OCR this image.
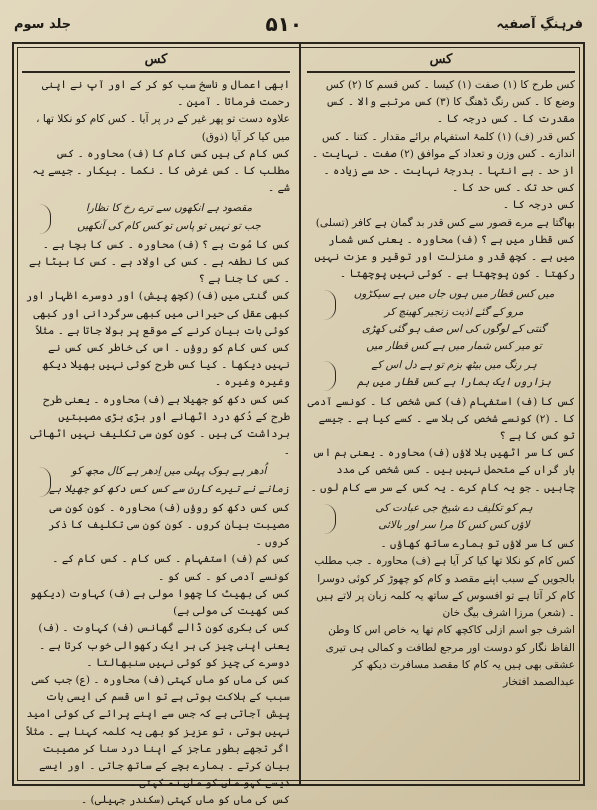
جلد سوم	۵۱۰	فرہنگِ آصفیہ
کس

کس طرح کا (۱) صفت (۱) کیسا ۔ کس قسم کا (۲) کس وضع کا ۔ کس رنگ ڈھنگ کا (۳) کس مرتبے والا ۔ کس مقدرت کا ۔ کس درجہ کا ۔

کس قدر (ف) (۱) کلمۂ استفہام برائے مقدار ۔ کتنا ۔ کس اندازے ۔ کس وزن و تعداد کے موافق (۲) صفت ۔ نہایت ۔ از حد ۔ بے انتہا ۔ بدرجۂ نہایت ۔ حد سے زیادہ ۔ کس حد تک ۔ کس حد کا ۔

کس درجہ کا ۔

بھاگتا ہے مرے قصور سے کس قدر بد گمان ہے کافر (تسلی)

کس قطار میں ہے ؟ (ف) محاورہ ۔ یعنی کس شمار میں ہے ۔ کچھ قدر و منزلت اور توقیر و عزت نہیں رکھتا ۔ کون پوچھتا ہے ۔ کوئی نہیں پوچھتا ۔

میں کس قطار میں ہوں جاں میں ہے سیکڑوں

مرو کے گئے اذیت زنجیر کھینچ کر

گنتی کے لوگوں کی اس صف ہو گئی کھڑی

تو میر کس شمار میں ہے کس قطار میں

ہر رنگ میں بیٹھ بزم تو ہے دل اس کے

ہزاروں ایک ہمارا ہے کس قطار میں ہم

کس کا (ف) استفہام (ف) کس شخص کا ۔ کونسے آدمی کا ۔ (۲) کونسے شخص کی بلا سے ۔ کسے کیا ہے ۔ جیسے تو کس کا ہے ؟

کس کا سر اٹھیں بلا لاؤں (ف) محاورہ ۔ یعنی ہم اس بار گراں کے متحمل نہیں ہیں ۔ کس شخص کی مدد چاہیں ۔ جو یہ کام کرے ۔ یہ کس کے سر سے کام لوں ۔

ہم کو تکلیف دے شیخ جی عبادت کی

لاؤں کس کس کا مرا سر اور بالائی

کس کا سر لاؤں تو ہمارے ساتھ کھاؤں ۔

کس کام کو نکلا تھا کیا کر آیا ہے (ف) محاورہ ۔ جب مطلب بالجویں کے سبب اپنے مقصد و کام کو چھوڑ کر کوئی دوسرا کام کر آتا ہے تو افسوس کے ساتھ یہ کلمہ زبان پر لاتے ہیں ۔ (شعر) مرزا اشرف بیگ خان

اشرف جو اسم ازلی کاکچھ کام تھا یہ خاص اس کا وطن الفاظ نگار کو دوست اور مرجع لطافت و کمالی ہی تیری عشقی بھی ہیں یہ کام کا مقصد مسافرت دیکھ کر عبدالصمد افتخار

کس

ابھی اعمال و ناسخ سب کو کر کے اور آپ نے اپنی رحمت فرماتا ۔ آمین ۔

علاوہ دست تو پھر غیر کے در پر آیا ۔ کس کام کو نکلا تھا ، میں کیا کر آیا (ذوق)

کس کام کی ہیں کس کام کا (ف) محاورہ ۔ کس مطلب کا ۔ کس غرض کا ۔ نکما ۔ بیکار ۔ جیسے یہ شے ۔

مقصود ہے انکھوں سے ترے رخ کا نظارا

جب تو نہیں تو پاس تو کس کام کی آنکھیں

کس کا مُوت ہے ؟ (ف) محاورہ ۔ کس کا بچا ہے ۔ کس کا نطفہ ہے ۔ کس کی اولاد ہے ۔ کس کا بیٹا ہے ۔ کس کا جنا ہے ؟

کس گنتی میں (ف) (کچھ پیش) اور دوسرے اظہار اور کبھی عقل کی حیرانی میں کبھی سرگردانی اور کبھی کوئی بات بیان کرنے کے موقع پر بولا جاتا ہے ۔ مثلاً کس کس کام کو روؤں ۔ اس کی خاطر کس کس نے نہیں دیکھا ۔ کیا کس طرح کوئی نہیں بھیلا دیکھ وغیرہ وغیرہ ۔

کس کس دکھ کو جھیلا ہے (ف) محاورہ ۔ یعنی طرح طرح کے دُکھ درد اٹھانے اور بڑی بڑی مصیبتیں برداشت کی ہیں ۔ کون کون سی تکلیف نہیں اٹھائی ۔

اُدھر ہے ہوک پہلی میں اِدھر ہے کال مجھ کو

زمانے نے تیرے کارن سے کس کس دکھ کو جھیلا ہے

کس کس دکھ کو روؤں (ف) محاورہ ۔ کون کون سی مصیبت بیان کروں ۔ کون کون سی تکلیف کا ذکر کروں ۔

کس کم (ف) استفہام ۔ کس کام ۔ کس کام کے ۔ کونسے آدمی کو ۔ کس کو ۔

کس کی بھیٹ کا چھوا مولی ہے (ف) کہاوت (دیکھو کس کھیت کی مولی ہے)

کس کی بکری کون ڈالے گھانس (ف) کہاوت ۔ (ف) یعنی اپنی چیز کی ہر ایک رکھوالی خوب کرتا ہے ۔ دوسرے کی چیز کو کوئی نہیں سنبھالتا ۔

کس کی ماں کو ماں کہتی (ف) محاورہ ۔ (ع) جب کسی سبب کے ہلاکت ہوتی ہے تو اس قسم کی ایسی بات پیش آجاتی ہے کہ جس سے اپنے پرائے کی کوئی امید نہیں ہوتی ، تو عزیز کو بھی یہ کلمہ کہنا ہے ۔ مثلاً اگر تجھے بطور عاجز کے اپنا درد سنا کر مصیبت بیان کرتے ۔ ہمارے بچے کے ساتھ جاتی ۔ اور ایسے دیسے کہو ماں کو ماں نہ کہتی ۔

کس کی ماں کو ماں کہتی (سکندر جہیلی) ۔
